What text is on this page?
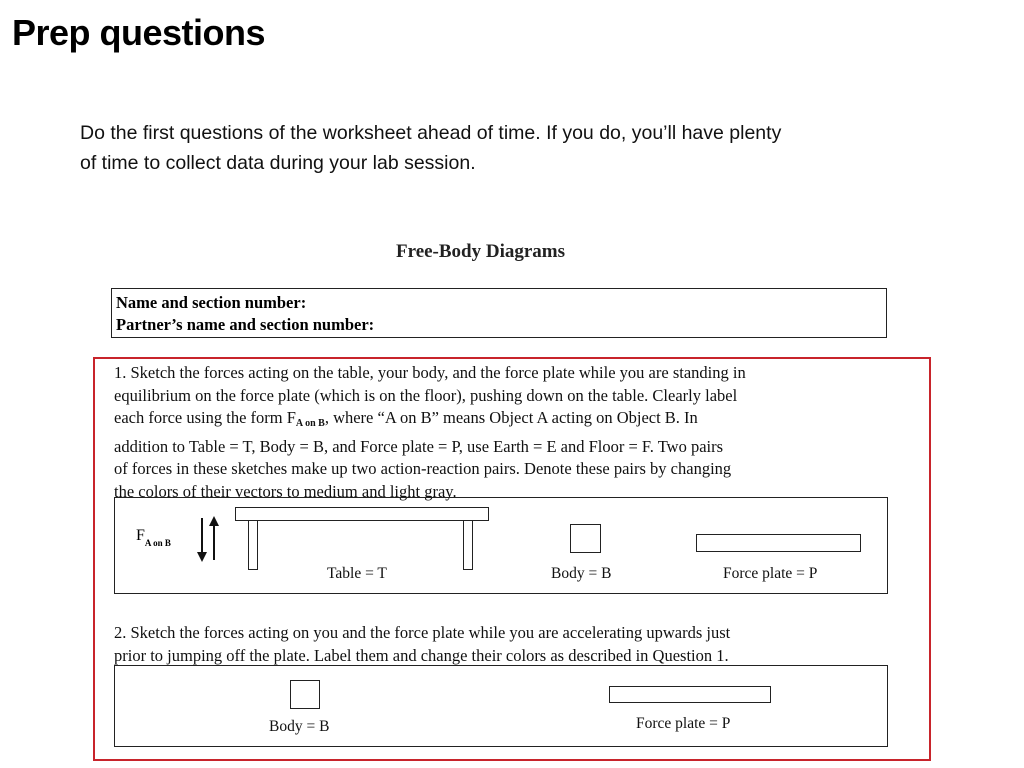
Prep questions
Do the first questions of the worksheet ahead of time. If you do, you’ll have plenty
of time to collect data during your lab session.
Free-Body Diagrams
Name and section number:
Partner’s name and section number:
1. Sketch the forces acting on the table, your body, and the force plate while you are standing in
equilibrium on the force plate (which is on the floor), pushing down on the table. Clearly label
each force using the form $F_{A on B}$, where “A on B” means Object A acting on Object B. In
addition to Table = T, Body = B, and Force plate = P, use Earth = E and Floor = F. Two pairs
of forces in these sketches make up two action-reaction pairs. Denote these pairs by changing
the colors of their vectors to medium and light gray.
$F_{A on B}$
Table = T	Body = B	Force plate = P
2. Sketch the forces acting on you and the force plate while you are accelerating upwards just
prior to jumping off the plate. Label them and change their colors as described in Question 1.
Body = B	Force plate = P
